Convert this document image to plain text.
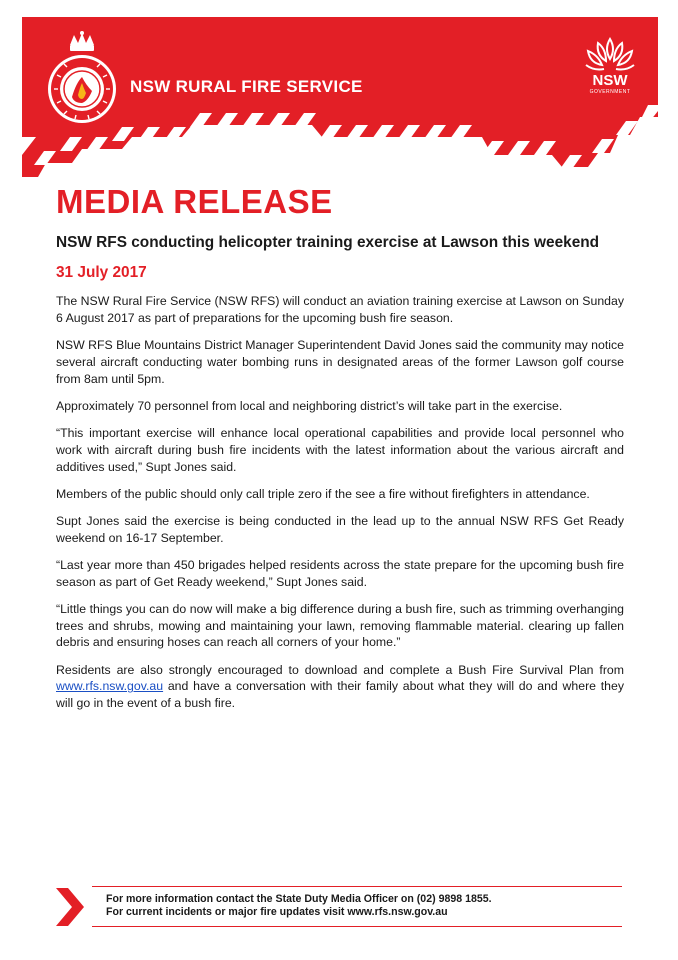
NSW RURAL FIRE SERVICE	NSW
GOVERNMENT
MEDIA RELEASE
NSW RFS conducting helicopter training exercise at Lawson this weekend
31 July 2017

The NSW Rural Fire Service (NSW RFS) will conduct an aviation training exercise at Lawson on Sunday 6 August 2017 as part of preparations for the upcoming bush fire season.

NSW RFS Blue Mountains District Manager Superintendent David Jones said the community may notice several aircraft conducting water bombing runs in designated areas of the former Lawson golf course from 8am until 5pm.

Approximately 70 personnel from local and neighboring district’s will take part in the exercise.

“This important exercise will enhance local operational capabilities and provide local personnel who work with aircraft during bush fire incidents with the latest information about the various aircraft and additives used,” Supt Jones said.

Members of the public should only call triple zero if the see a fire without firefighters in attendance.

Supt Jones said the exercise is being conducted in the lead up to the annual NSW RFS Get Ready weekend on 16-17 September.

“Last year more than 450 brigades helped residents across the state prepare for the upcoming bush fire season as part of Get Ready weekend,” Supt Jones said.

“Little things you can do now will make a big difference during a bush fire, such as trimming overhanging trees and shrubs, mowing and maintaining your lawn, removing flammable material. clearing up fallen debris and ensuring hoses can reach all corners of your home.”

Residents are also strongly encouraged to download and complete a Bush Fire Survival Plan from www.rfs.nsw.gov.au and have a conversation with their family about what they will do and where they will go in the event of a bush fire.

For more information contact the State Duty Media Officer on (02) 9898 1855.
For current incidents or major fire updates visit www.rfs.nsw.gov.au
